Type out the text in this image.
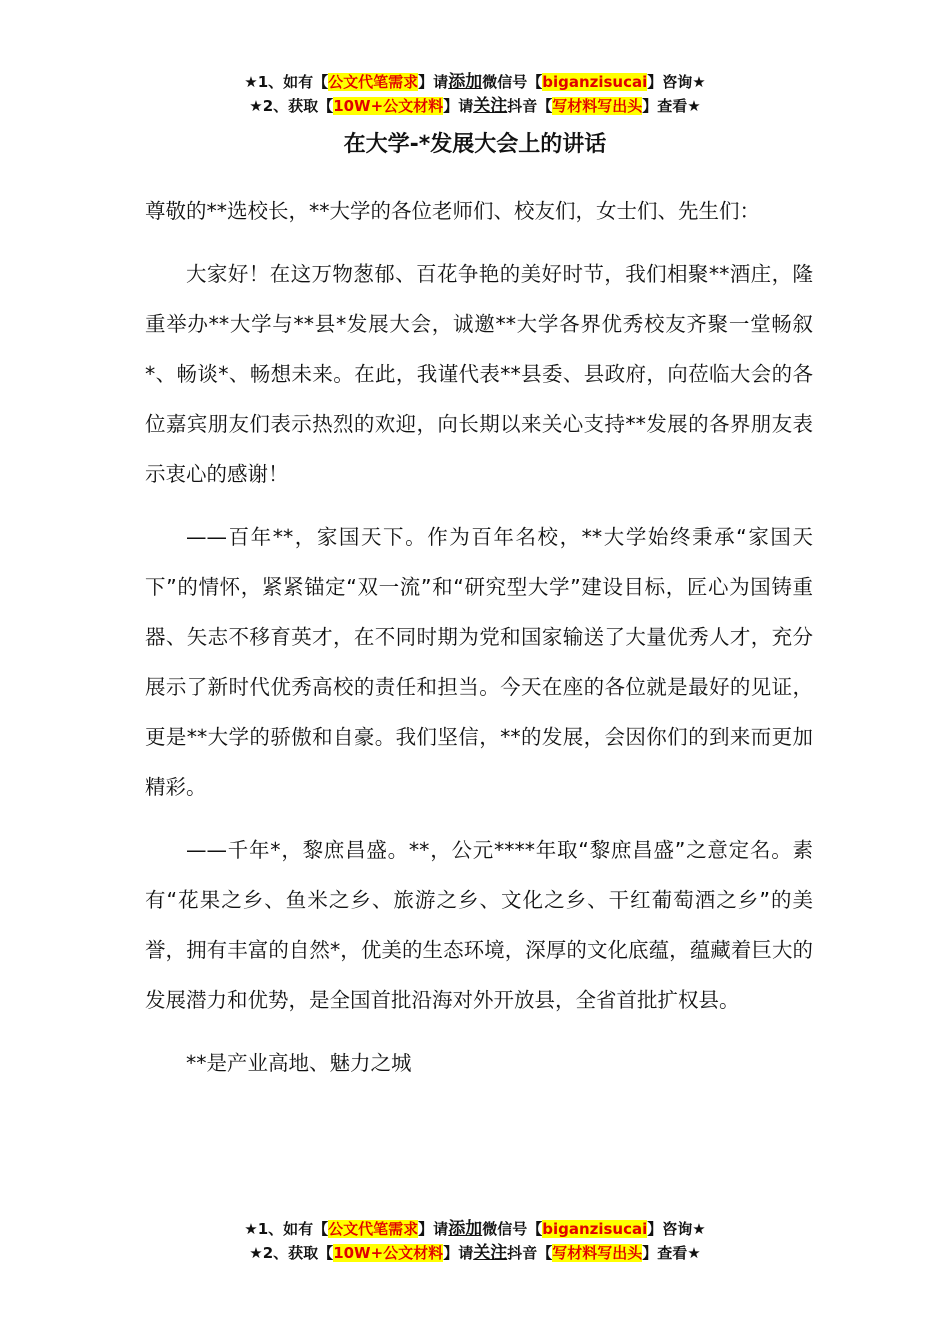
★1、如有【公文代笔需求】请添加微信号【biganzisucai】咨询★
★2、获取【10W+公文材料】请关注抖音【写材料写出头】查看★
在大学-*发展大会上的讲话

尊敬的**选校长，**大学的各位老师们、校友们，女士们、先生们：

大家好！在这万物葱郁、百花争艳的美好时节，我们相聚**酒庄，隆重举办**大学与**县*发展大会，诚邀**大学各界优秀校友齐聚一堂畅叙*、畅谈*、畅想未来。在此，我谨代表**县委、县政府，向莅临大会的各位嘉宾朋友们表示热烈的欢迎，向长期以来关心支持**发展的各界朋友表示衷心的感谢！

——百年**，家国天下。作为百年名校，**大学始终秉承“家国天下”的情怀，紧紧锚定“双一流”和“研究型大学”建设目标，匠心为国铸重器、矢志不移育英才，在不同时期为党和国家输送了大量优秀人才，充分展示了新时代优秀高校的责任和担当。今天在座的各位就是最好的见证，更是**大学的骄傲和自豪。我们坚信，**的发展，会因你们的到来而更加精彩。

——千年*，黎庶昌盛。**，公元****年取“黎庶昌盛”之意定名。素有“花果之乡、鱼米之乡、旅游之乡、文化之乡、干红葡萄酒之乡”的美誉，拥有丰富的自然*，优美的生态环境，深厚的文化底蕴，蕴藏着巨大的发展潜力和优势，是全国首批沿海对外开放县，全省首批扩权县。

**是产业高地、魅力之城

★1、如有【公文代笔需求】请添加微信号【biganzisucai】咨询★
★2、获取【10W+公文材料】请关注抖音【写材料写出头】查看★
